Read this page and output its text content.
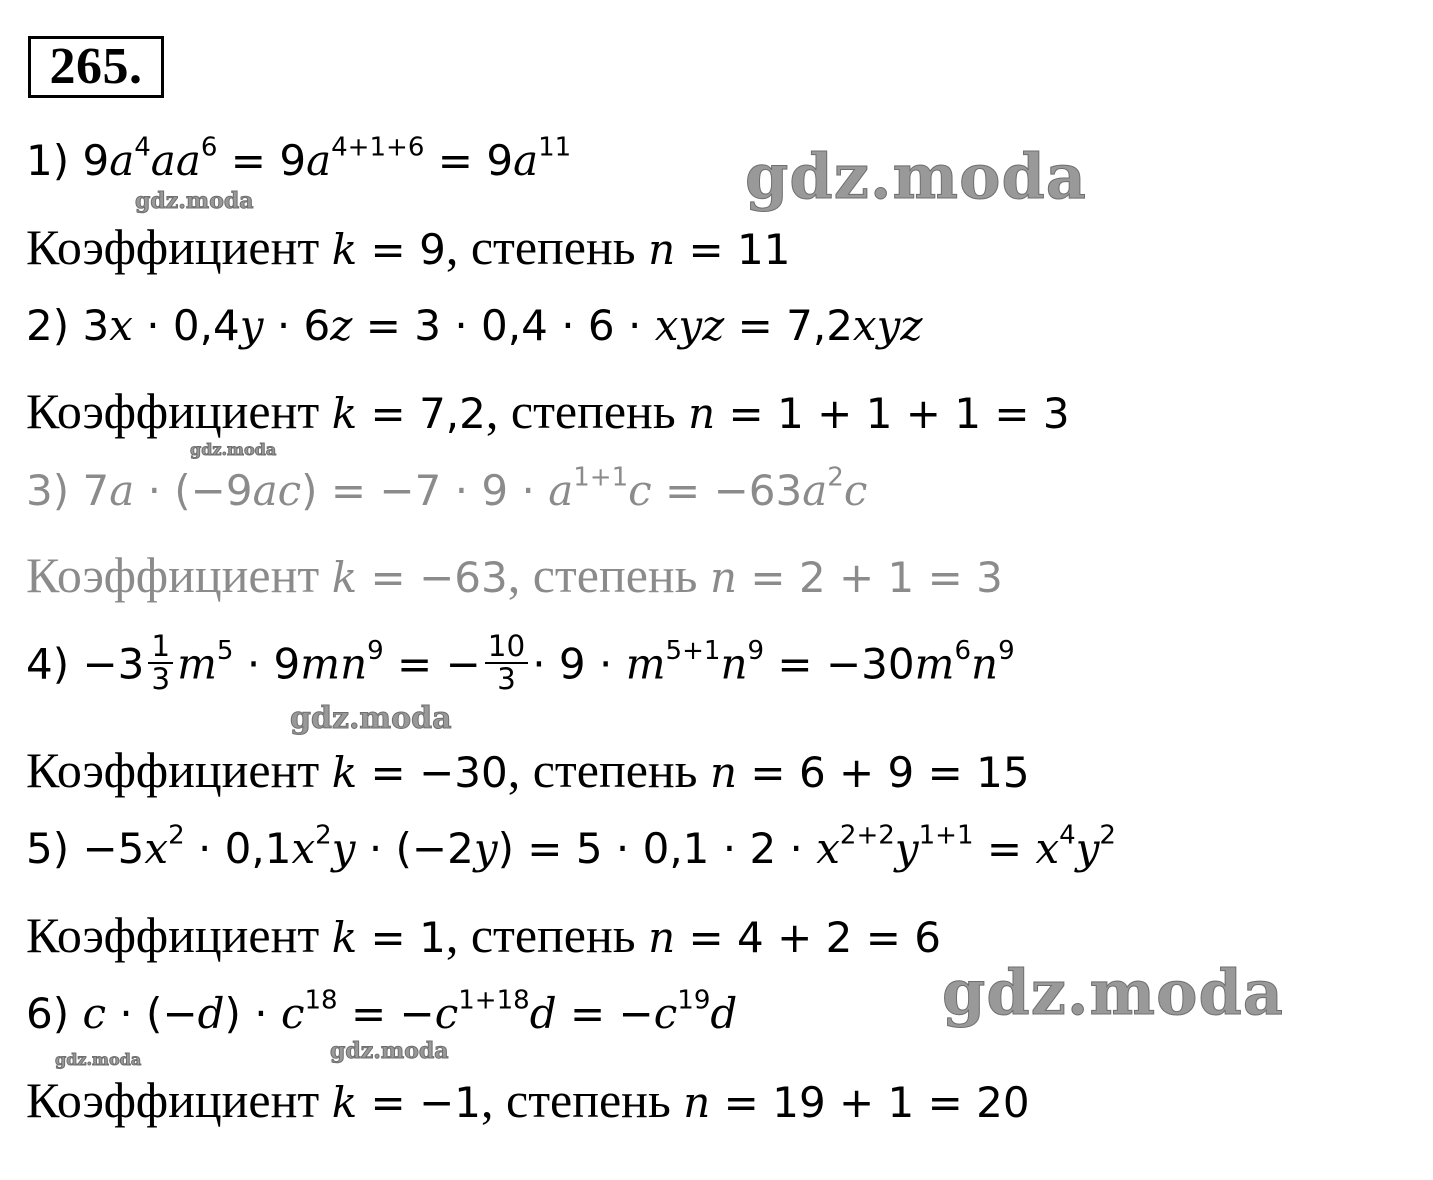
265.
1) $9a^4aa^6 = 9a^{4+1+6} = 9a^{11}$
Коэффициент k = 9, степень n = 11
2) 3x · 0,4y · 6z = 3 · 0,4 · 6 · xyz = 7,2xyz
Коэффициент k = 7,2, степень n = 1 + 1 + 1 = 3
3) $7a \cdot (-9ac) = -7 \cdot 9 \cdot a^{1+1}c = -63a^2c$
Коэффициент k = −63, степень n = 2 + 1 = 3
$4) -3 \frac{1}{3} m^5 \cdot 9mn^9$ = − $\frac{10}{3} \cdot 9 \cdot m^{5+1}n^9 = -30m^6n^9$
Коэффициент k = −30, степень n = 6 + 9 = 15
$5) -5x^2 \cdot 0,1x^2y \cdot (-2y) = 5 \cdot 0,1 \cdot 2 \cdot x^{2+2}y^{1+1} = x^4y^2$
Коэффициент k = 1, степень n = 4 + 2 = 6
6) $c \cdot (-d) \cdot c^{18} = -c^{1+18}d = -c^{19}d$
Коэффициент k = −1, степень n = 19 + 1 = 20
gdz.moda
gdz.moda
gdz.moda
gdz.moda
gdz.moda
gdz.moda	gdz.moda
